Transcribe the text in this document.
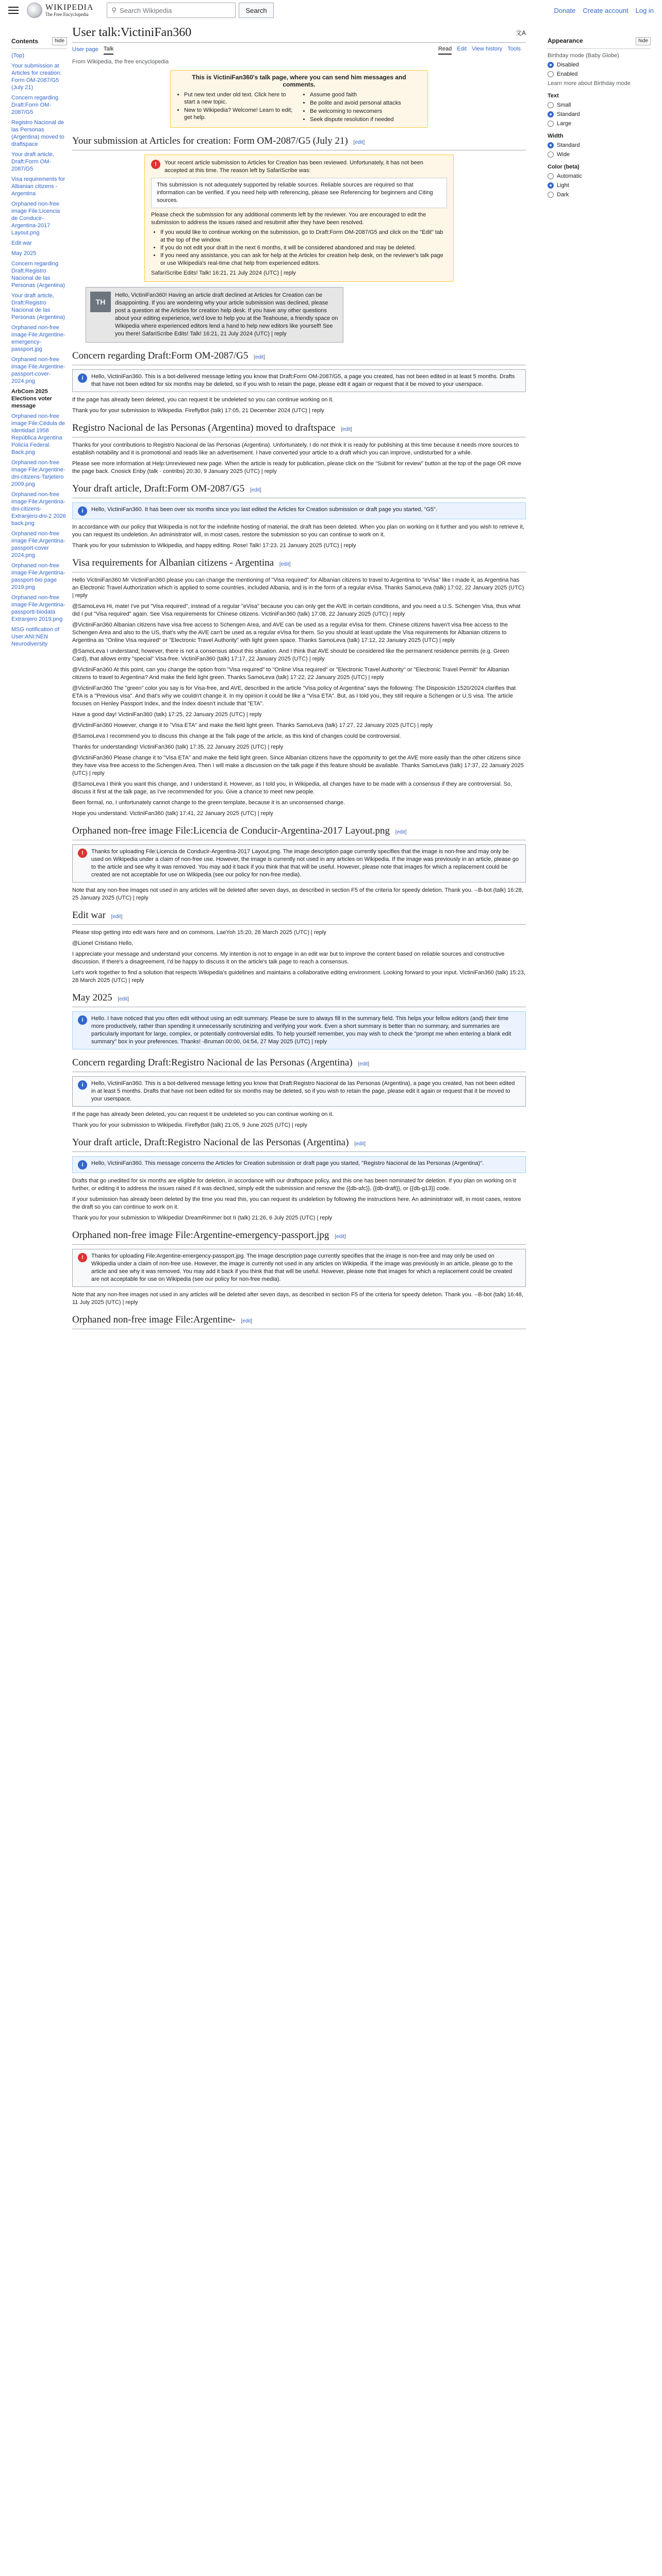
WIKIPEDIA
The Free Encyclopedia
⚲ Search Wikipedia	Search	Donate Create account Log in
Contents	hide
(Top)
Your submission at Articles for creation: Form OM-2087/G5 (July 21)
Concern regarding Draft:Form OM-2087/G5
Registro Nacional de las Personas (Argentina) moved to draftspace
Your draft article, Draft:Form OM-2087/G5
Visa requirements for Albanian citizens - Argentina
Orphaned non-free image File:Licencia de Conducir-Argentina-2017 Layout.png
Edit war
May 2025
Concern regarding Draft:Registro Nacional de las Personas (Argentina)
Your draft article, Draft:Registro Nacional de las Personas (Argentina)
Orphaned non-free image File:Argentine-emergency-passport.jpg
Orphaned non-free image File:Argentine-passport-cover-2024.png
ArbCom 2025 Elections voter message
Orphaned non-free image File:Cédula de Identidad 1958 República Argentina Policía Federal. Back.png
Orphaned non-free image File:Argentine-dni-citizens-Tarjetero 2009.png
Orphaned non-free image File:Argentina-dni-citizens-Extranjero-dni-2 2026 back.png
Orphaned non-free image File:Argentina-passport-cover 2024.png
Orphaned non-free image File:Argentina-passport-bio page 2019.png
Orphaned non-free image File:Argentina-passportt-biodata Extranjero 2019.png
MSG notification of User:ANI:NEN Neurodiversity
User talk:VictiniFan360	文A
User page Talk	Read Edit View history Tools
From Wikipedia, the free encyclopedia
This is VictiniFan360's talk page, where you can send him messages and comments.
• Put new text under old text. Click here to start a new topic.
• New to Wikipedia? Welcome! Learn to edit; get help.
• Assume good faith
• Be polite and avoid personal attacks
• Be welcoming to newcomers
• Seek dispute resolution if needed
Your submission at Articles for creation: Form OM-2087/G5 (July 21) [edit]
!	Your recent article submission to Articles for Creation has been reviewed. Unfortunately, it has not been accepted at this time. The reason left by SafariScribe was:
This submission is not adequately supported by reliable sources. Reliable sources are required so that information can be verified. If you need help with referencing, please see Referencing for beginners and Citing sources.
Please check the submission for any additional comments left by the reviewer. You are encouraged to edit the submission to address the issues raised and resubmit after they have been resolved.
• If you would like to continue working on the submission, go to Draft:Form OM-2087/G5 and click on the "Edit" tab at the top of the window.
• If you do not edit your draft in the next 6 months, it will be considered abandoned and may be deleted.
• If you need any assistance, you can ask for help at the Articles for creation help desk, on the reviewer's talk page or use Wikipedia's real-time chat help from experienced editors.
SafariScribe Edits! Talk! 16:21, 21 July 2024 (UTC) | reply
TH
Hello, VictiniFan360! Having an article draft declined at Articles for Creation can be disappointing. If you are wondering why your article submission was declined, please post a question at the Articles for creation help desk. If you have any other questions about your editing experience, we'd love to help you at the Teahouse, a friendly space on Wikipedia where experienced editors lend a hand to help new editors like yourself! See you there! SafariScribe Edits! Talk! 16:21, 21 July 2024 (UTC) | reply
Concern regarding Draft:Form OM-2087/G5 [edit]
i	Hello, VictiniFan360. This is a bot-delivered message letting you know that Draft:Form OM-2087/G5, a page you created, has not been edited in at least 5 months. Drafts that have not been edited for six months may be deleted, so if you wish to retain the page, please edit it again or request that it be moved to your userspace.

If the page has already been deleted, you can request it be undeleted so you can continue working on it.

Thank you for your submission to Wikipedia. FireflyBot (talk) 17:05, 21 December 2024 (UTC) | reply

Registro Nacional de las Personas (Argentina) moved to draftspace [edit]

Thanks for your contributions to Registro Nacional de las Personas (Argentina). Unfortunately, I do not think it is ready for publishing at this time because it needs more sources to establish notability and it is promotional and reads like an advertisement. I have converted your article to a draft which you can improve, undisturbed for a while.

Please see more information at Help:Unreviewed new page. When the article is ready for publication, please click on the "Submit for review" button at the top of the page OR move the page back. Cnosick Enby (talk · contribs) 20:30, 9 January 2025 (UTC) | reply

Your draft article, Draft:Form OM-2087/G5 [edit]
i	Hello, VictiniFan360. It has been over six months since you last edited the Articles for Creation submission or draft page you started, "G5".

In accordance with our policy that Wikipedia is not for the indefinite hosting of material, the draft has been deleted. When you plan on working on it further and you wish to retrieve it, you can request its undeletion. An administrator will, in most cases, restore the submission so you can continue to work on it.

Thank you for your submission to Wikipedia, and happy editing. Rose! Talk! 17:23, 21 January 2025 (UTC) | reply

Visa requirements for Albanian citizens - Argentina [edit]

Hello VictiniFan360 Mr VictiniFan360 please you can change the mentioning of "Visa required" for Albanian citizens to travel to Argentina to "eVisa" like I made it, as Argentina has an Electronic Travel Authorization which is applied to some countries, included Albania, and is in the form of a regular eVisa. Thanks SamoLeva (talk) 17:02, 22 January 2025 (UTC) | reply

@SamoLeva Hi, mate! I've put "Visa required", instead of a regular "eVisa" because you can only get the AVE in certain conditions, and you need a U.S. Schengen Visa, thus what did I put "Visa required" again. See Visa requirements for Chinese citizens. VictiniFan360 (talk) 17:08, 22 January 2025 (UTC) | reply

@VictiniFan360 Albanian citizens have visa free access to Schengen Area, and AVE can be used as a regular eVisa for them. Chinese citizens haven't visa free access to the Schengen Area and also to the US, that's why the AVE can't be used as a regular eVisa for them. So you should at least update the Visa requirements for Albanian citizens to Argentina as "Online Visa required" or "Electronic Travel Authority" with light green space. Thanks SamoLeva (talk) 17:12, 22 January 2025 (UTC) | reply

@SamoLeva I understand; however, there is not a consensus about this situation. And I think that AVE should be considered like the permanent residence permits (e.g. Green Card), that allows entry "special" Visa-free. VictiniFan360 (talk) 17:17, 22 January 2025 (UTC) | reply

@VictiniFan360 At this point, can you change the option from "Visa required" to "Online Visa required" or "Electronic Travel Authority" or "Electronic Travel Permit" for Albanian citizens to travel to Argentina? And make the field light green. Thanks SamoLeva (talk) 17:22, 22 January 2025 (UTC) | reply

@VictiniFan360 The "green" color you say is for Visa-free, and AVE, described in the article "Visa policy of Argentina" says the following: The Disposición 1520/2024 clarifies that ETA is a "Previous visa". And that's why we couldn't change it. In my opinion it could be like a "Visa ETA". But, as I told you, they still require a Schengen or U.S visa. The article focuses on Henley Passport Index, and the Index doesn't include that "ETA".

Have a good day! VictiniFan360 (talk) 17:25, 22 January 2025 (UTC) | reply

@VictiniFan360 However, change it to "Visa ETA" and make the field light green. Thanks SamoLeva (talk) 17:27, 22 January 2025 (UTC) | reply

@SamoLeva I recommend you to discuss this change at the Talk page of the article, as this kind of changes could be controversial.

Thanks for understanding! VictiniFan360 (talk) 17:35, 22 January 2025 (UTC) | reply

@VictiniFan360 Please change it to "Visa ETA" and make the field light green. Since Albanian citizens have the opportunity to get the AVE more easily than the other citizens since they have visa free access to the Schengen Area. Then I will make a discussion on the talk page if this feature should be available. Thanks SamoLeva (talk) 17:37, 22 January 2025 (UTC) | reply

@SamoLeva I think you want this change, and I understand it. However, as I told you, in Wikipedia, all changes have to be made with a consensus if they are controversial. So, discuss it first at the talk page, as I've recommended for you. Give a chance to meet new people.

Been formal, no, I unfortunately cannot change to the green template, because it is an unconsensed change.

Hope you understand. VictiniFan360 (talk) 17:41, 22 January 2025 (UTC) | reply

Orphaned non-free image File:Licencia de Conducir-Argentina-2017 Layout.png [edit]
!	Thanks for uploading File:Licencia de Conducir-Argentina-2017 Layout.png. The image description page currently specifies that the image is non-free and may only be used on Wikipedia under a claim of non-free use. However, the image is currently not used in any articles on Wikipedia. If the image was previously in an article, please go to the article and see why it was removed. You may add it back if you think that that will be useful. However, please note that images for which a replacement could be created are not acceptable for use on Wikipedia (see our policy for non-free media).

Note that any non-free images not used in any articles will be deleted after seven days, as described in section F5 of the criteria for speedy deletion. Thank you. --B-bot (talk) 16:28, 25 January 2025 (UTC) | reply

Edit war [edit]

Please stop getting into edit wars here and on commons. LaeYoh 15:20, 28 March 2025 (UTC) | reply

@Lionel Cristiano Hello,

I appreciate your message and understand your concerns. My intention is not to engage in an edit war but to improve the content based on reliable sources and constructive discussion. If there's a disagreement, I'd be happy to discuss it on the article's talk page to reach a consensus.

Let's work together to find a solution that respects Wikipedia's guidelines and maintains a collaborative editing environment. Looking forward to your input. VictiniFan360 (talk) 15:23, 28 March 2025 (UTC) | reply

May 2025 [edit]
i	Hello. I have noticed that you often edit without using an edit summary. Please be sure to always fill in the summary field. This helps your fellow editors (and) their time more productively, rather than spending it unnecessarily scrutinizing and verifying your work. Even a short summary is better than no summary, and summaries are particularly important for large, complex, or potentially controversial edits. To help yourself remember, you may wish to check the "prompt me when entering a blank edit summary" box in your preferences. Thanks! -Bruman 00:00, 04:54, 27 May 2025 (UTC) | reply
Concern regarding Draft:Registro Nacional de las Personas (Argentina) [edit]
i	Hello, VictiniFan360. This is a bot-delivered message letting you know that Draft:Registro Nacional de las Personas (Argentina), a page you created, has not been edited in at least 5 months. Drafts that have not been edited for six months may be deleted, so if you wish to retain the page, please edit it again or request that it be moved to your userspace.

If the page has already been deleted, you can request it be undeleted so you can continue working on it.

Thank you for your submission to Wikipedia. FireflyBot (talk) 21:05, 9 June 2025 (UTC) | reply

Your draft article, Draft:Registro Nacional de las Personas (Argentina) [edit]
i	Hello, VictiniFan360. This message concerns the Articles for Creation submission or draft page you started, "Registro Nacional de las Personas (Argentina)".

Drafts that go unedited for six months are eligible for deletion, in accordance with our draftspace policy, and this one has been nominated for deletion. If you plan on working on it further, or editing it to address the issues raised if it was declined, simply edit the submission and remove the {{db-afc}}, {{db-draft}}, or {{db-g13}} code.

If your submission has already been deleted by the time you read this, you can request its undeletion by following the instructions here. An administrator will, in most cases, restore the draft so you can continue to work on it.

Thank you for your submission to Wikipedia! DreamRimmer bot II (talk) 21:26, 6 July 2025 (UTC) | reply

Orphaned non-free image File:Argentine-emergency-passport.jpg [edit]
!	Thanks for uploading File:Argentine-emergency-passport.jpg. The image description page currently specifies that the image is non-free and may only be used on Wikipedia under a claim of non-free use. However, the image is currently not used in any articles on Wikipedia. If the image was previously in an article, please go to the article and see why it was removed. You may add it back if you think that that will be useful. However, please note that images for which a replacement could be created are not acceptable for use on Wikipedia (see our policy for non-free media).

Note that any non-free images not used in any articles will be deleted after seven days, as described in section F5 of the criteria for speedy deletion. Thank you. --B-bot (talk) 16:48, 11 July 2025 (UTC) | reply

Orphaned non-free image File:Argentine- [edit]
Appearance	hide
Birthday mode (Baby Globe)
Disabled
Enabled
Learn more about Birthday mode
Text
Small
Standard
Large
Width
Standard
Wide
Color (beta)
Automatic
Light
Dark
